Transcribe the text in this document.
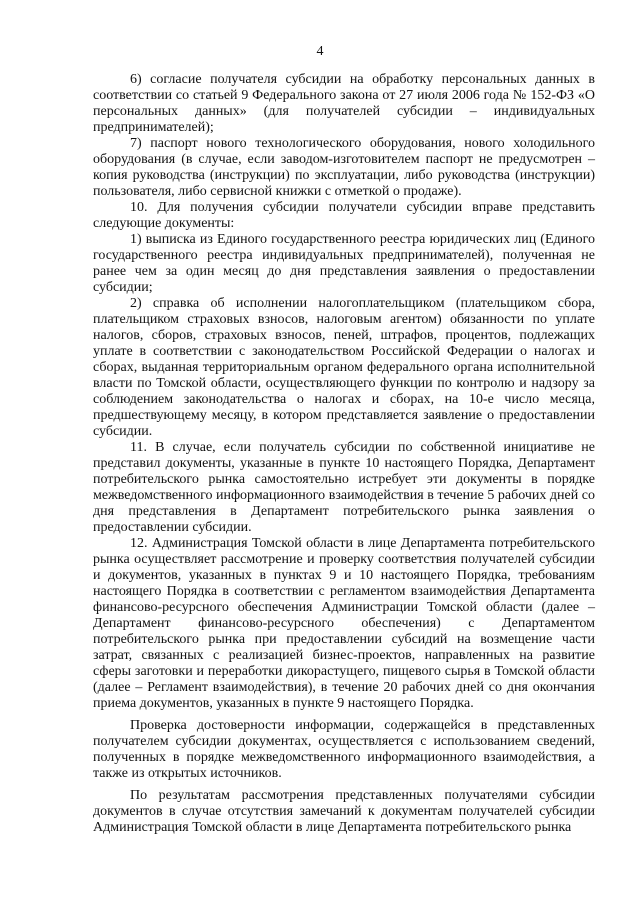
4

6) согласие получателя субсидии на обработку персональных данных в соответствии со статьей 9 Федерального закона от 27 июля 2006 года № 152-ФЗ «О персональных данных» (для получателей субсидии – индивидуальных предпринимателей);

7) паспорт нового технологического оборудования, нового холодильного оборудования (в случае, если заводом-изготовителем паспорт не предусмотрен – копия руководства (инструкции) по эксплуатации, либо руководства (инструкции) пользователя, либо сервисной книжки с отметкой о продаже).

10. Для получения субсидии получатели субсидии вправе представить следующие документы:

1) выписка из Единого государственного реестра юридических лиц (Единого государственного реестра индивидуальных предпринимателей), полученная не ранее чем за один месяц до дня представления заявления о предоставлении субсидии;

2) справка об исполнении налогоплательщиком (плательщиком сбора, плательщиком страховых взносов, налоговым агентом) обязанности по уплате налогов, сборов, страховых взносов, пеней, штрафов, процентов, подлежащих уплате в соответствии с законодательством Российской Федерации о налогах и сборах, выданная территориальным органом федерального органа исполнительной власти по Томской области, осуществляющего функции по контролю и надзору за соблюдением законодательства о налогах и сборах, на 10-е число месяца, предшествующему месяцу, в котором представляется заявление о предоставлении субсидии.

11. В случае, если получатель субсидии по собственной инициативе не представил документы, указанные в пункте 10 настоящего Порядка, Департамент потребительского рынка самостоятельно истребует эти документы в порядке межведомственного информационного взаимодействия в течение 5 рабочих дней со дня представления в Департамент потребительского рынка заявления о предоставлении субсидии.

12. Администрация Томской области в лице Департамента потребительского рынка осуществляет рассмотрение и проверку соответствия получателей субсидии и документов, указанных в пунктах 9 и 10 настоящего Порядка, требованиям настоящего Порядка в соответствии с регламентом взаимодействия Департамента финансово-ресурсного обеспечения Администрации Томской области (далее – Департамент финансово-ресурсного обеспечения) с Департаментом потребительского рынка при предоставлении субсидий на возмещение части затрат, связанных с реализацией бизнес-проектов, направленных на развитие сферы заготовки и переработки дикорастущего, пищевого сырья в Томской области (далее – Регламент взаимодействия), в течение 20 рабочих дней со дня окончания приема документов, указанных в пункте 9 настоящего Порядка.

Проверка достоверности информации, содержащейся в представленных получателем субсидии документах, осуществляется с использованием сведений, полученных в порядке межведомственного информационного взаимодействия, а также из открытых источников.

По результатам рассмотрения представленных получателями субсидии документов в случае отсутствия замечаний к документам получателей субсидии Администрация Томской области в лице Департамента потребительского рынка
